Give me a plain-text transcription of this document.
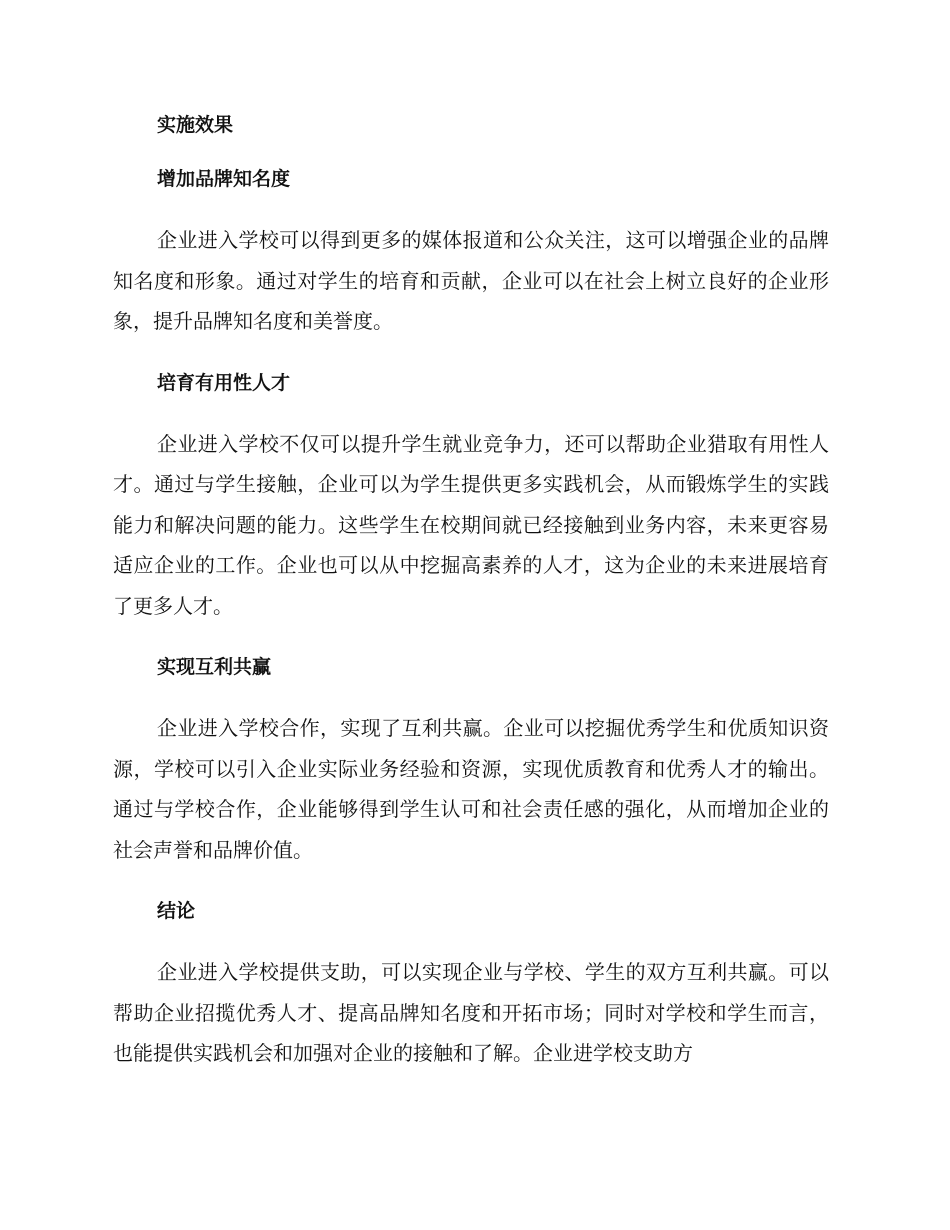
实施效果
增加品牌知名度

企业进入学校可以得到更多的媒体报道和公众关注，这可以增强企业的品牌知名度和形象。通过对学生的培育和贡献，企业可以在社会上树立良好的企业形象，提升品牌知名度和美誉度。

培育有用性人才

企业进入学校不仅可以提升学生就业竞争力，还可以帮助企业猎取有用性人才。通过与学生接触，企业可以为学生提供更多实践机会，从而锻炼学生的实践能力和解决问题的能力。这些学生在校期间就已经接触到业务内容，未来更容易适应企业的工作。企业也可以从中挖掘高素养的人才，这为企业的未来进展培育了更多人才。

实现互利共赢

企业进入学校合作，实现了互利共赢。企业可以挖掘优秀学生和优质知识资源，学校可以引入企业实际业务经验和资源，实现优质教育和优秀人才的输出。通过与学校合作，企业能够得到学生认可和社会责任感的强化，从而增加企业的社会声誉和品牌价值。

结论

企业进入学校提供支助，可以实现企业与学校、学生的双方互利共赢。可以帮助企业招揽优秀人才、提高品牌知名度和开拓市场；同时对学校和学生而言，也能提供实践机会和加强对企业的接触和了解。企业进学校支助方
